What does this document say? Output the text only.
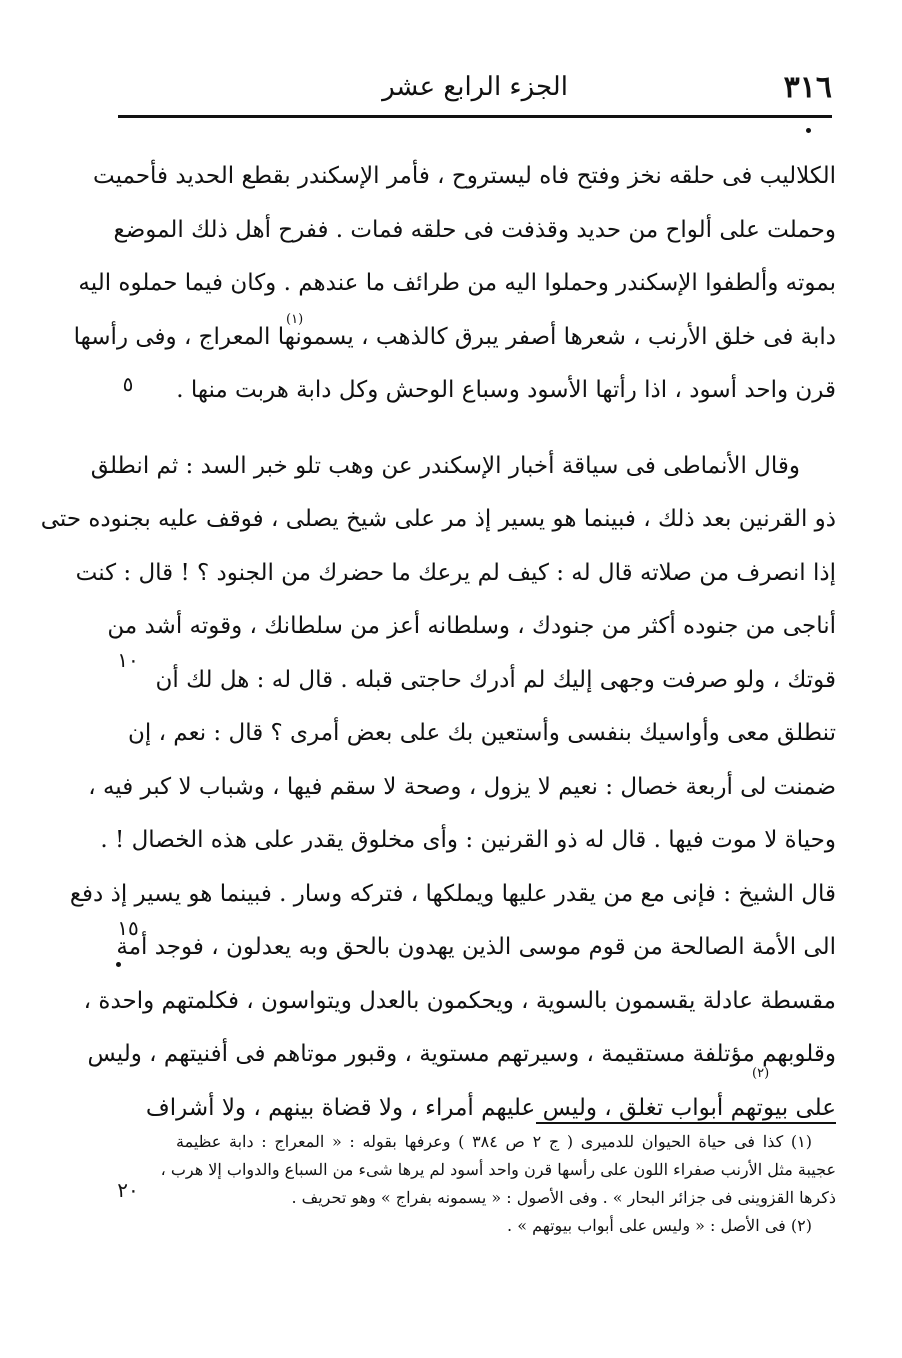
٣١٦
الجزء الرابع عشر
(١)
(٢)
الكلاليب فى حلقه نخز وفتح فاه ليستروح ، فأمر الإسكندر بقطع الحديد فأحميت
وحملت على ألواح من حديد وقذفت فى حلقه فمات . ففرح أهل ذلك الموضع
بموته وألطفوا الإسكندر وحملوا اليه من طرائف ما عندهم . وكان فيما حملوه اليه
دابة فى خلق الأرنب ، شعرها أصفر يبرق كالذهب ، يسمونها المعراج ، وفى رأسها
قرن واحد أسود ، اذا رأتها الأسود وسباع الوحش وكل دابة هربت منها .
وقال الأنماطى فى سياقة أخبار الإسكندر عن وهب تلو خبر السد : ثم انطلق
ذو القرنين بعد ذلك ، فبينما هو يسير إذ مر على شيخ يصلى ، فوقف عليه بجنوده حتى
إذا انصرف من صلاته قال له : كيف لم يرعك ما حضرك من الجنود ؟ ! قال : كنت
أناجى من جنوده أكثر من جنودك ، وسلطانه أعز من سلطانك ، وقوته أشد من
قوتك ، ولو صرفت وجهى إليك لم أدرك حاجتى قبله . قال له : هل لك أن
تنطلق معى وأواسيك بنفسى وأستعين بك على بعض أمرى ؟ قال : نعم ، إن
ضمنت لى أربعة خصال : نعيم لا يزول ، وصحة لا سقم فيها ، وشباب لا كبر فيه ،
وحياة لا موت فيها . قال له ذو القرنين : وأى مخلوق يقدر على هذه الخصال ! .
قال الشيخ : فإنى مع من يقدر عليها ويملكها ، فتركه وسار . فبينما هو يسير إذ دفع
الى الأمة الصالحة من قوم موسى الذين يهدون بالحق وبه يعدلون ، فوجد أمة
مقسطة عادلة يقسمون بالسوية ، ويحكمون بالعدل ويتواسون ، فكلمتهم واحدة ،
وقلوبهم مؤتلفة مستقيمة ، وسيرتهم مستوية ، وقبور موتاهم فى أفنيتهم ، وليس
على بيوتهم أبواب تغلق ، وليس عليهم أمراء ، ولا قضاة بينهم ، ولا أشراف
٥
١٠
١٥
٢٠
(١) كذا فى حياة الحيوان للدميرى ( ج ٢ ص ٣٨٤ ) وعرفها بقوله : « المعراج : دابة عظيمة
عجيبة مثل الأرنب صفراء اللون على رأسها قرن واحد أسود لم يرها شىء من السباع والدواب إلا هرب ،
ذكرها القزوينى فى جزائر البحار » . وفى الأصول : « يسمونه بفراج » وهو تحريف .
(٢) فى الأصل : « وليس على أبواب بيوتهم » .
